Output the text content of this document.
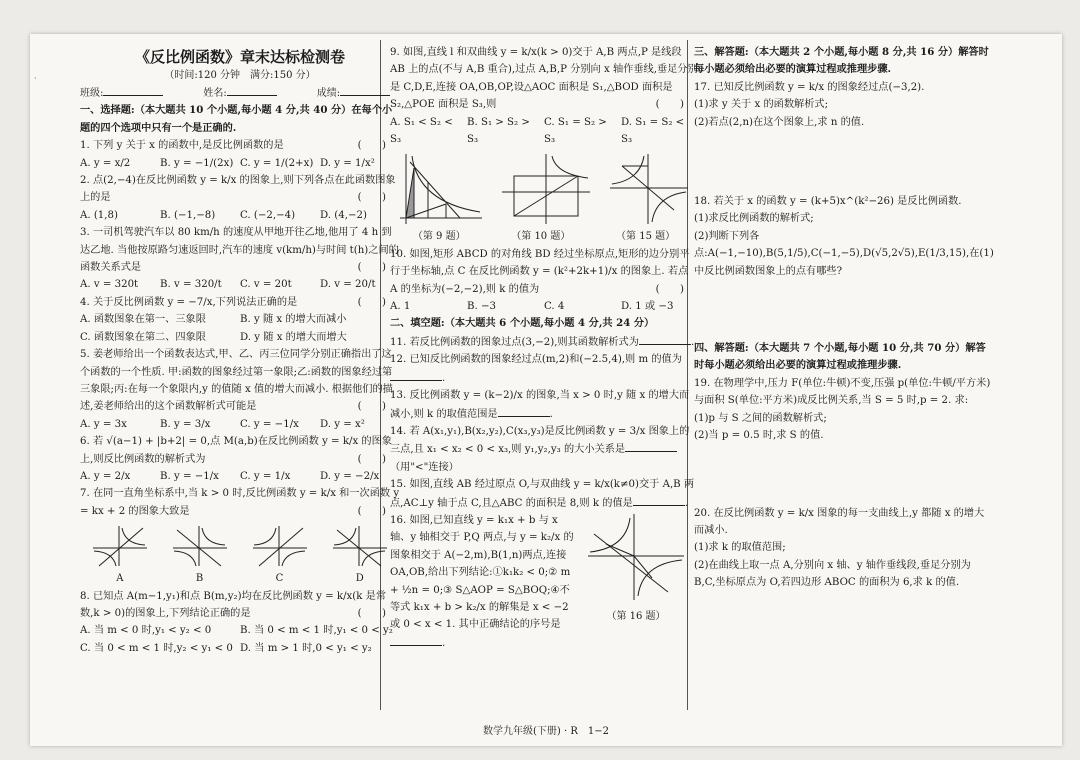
·
《反比例函数》章末达标检测卷
（时间:120 分钟　满分:150 分）
班级:	姓名:	成绩:

一、选择题:（本大题共 10 个小题,每小题 4 分,共 40 分）在每个小题的四个选项中只有一个是正确的.

1. 下列 y 关于 x 的函数中,是反比例函数的是	(　　)

A. y = x/2	B. y = −1/(2x) C. y = 1/(2+x) D. y = 1/x²

2. 点(2,−4)在反比例函数 y = k/x 的图象上,则下列各点在此函数图象上的是	(　　)

A. (1,8)	B. (−1,−8)	C. (−2,−4)	D. (4,−2)

3. 一司机驾驶汽车以 80 km/h 的速度从甲地开往乙地,他用了 4 h 到达乙地. 当他按原路匀速返回时,汽车的速度 v(km/h)与时间 t(h)之间的函数关系式是	(　　)

A. v = 320t	B. v = 320/t	C. v = 20t	D. v = 20/t

4. 关于反比例函数 y = −7/x,下列说法正确的是	(　　)

A. 函数图象在第一、三象限	B. y 随 x 的增大而减小
C. 函数图象在第二、四象限	D. y 随 x 的增大而增大

5. 姜老师给出一个函数表达式,甲、乙、丙三位同学分别正确指出了这个函数的一个性质. 甲:函数的图象经过第一象限;乙:函数的图象经过第三象限;丙:在每一个象限内,y 的值随 x 值的增大而减小. 根据他们的描述,姜老师给出的这个函数解析式可能是	(　　)

A. y = 3x	B. y = 3/x	C. y = −1/x	D. y = x²

6. 若 √(a−1) + |b+2| = 0,点 M(a,b)在反比例函数 y = k/x 的图象上,则反比例函数的解析式为	(　　)

A. y = 2/x	B. y = −1/x	C. y = 1/x	D. y = −2/x

7. 在同一直角坐标系中,当 k > 0 时,反比例函数 y = k/x 和一次函数 y = kx + 2 的图象大致是	(　　)

A	B	C	D

8. 已知点 A(m−1,y₁)和点 B(m,y₂)均在反比例函数 y = k/x(k 是常数,k > 0)的图象上,下列结论正确的是	(　　)

A. 当 m < 0 时,y₁ < y₂ < 0	B. 当 0 < m < 1 时,y₁ < 0 < y₂
C. 当 0 < m < 1 时,y₂ < y₁ < 0 D. 当 m > 1 时,0 < y₁ < y₂

9. 如图,直线 l 和双曲线 y = k/x(k > 0)交于 A,B 两点,P 是线段 AB 上的点(不与 A,B 重合),过点 A,B,P 分别向 x 轴作垂线,垂足分别是 C,D,E,连接 OA,OB,OP,设△AOC 面积是 S₁,△BOD 面积是 S₂,△POE 面积是 S₃,则	(　　)

A. S₁ < S₂ < S₃
B. S₁ > S₂ > S₃
C. S₁ = S₂ > S₃
D. S₁ = S₂ < S₃
（第 9 题）	（第 10 题）	（第 15 题）

10. 如图,矩形 ABCD 的对角线 BD 经过坐标原点,矩形的边分别平行于坐标轴,点 C 在反比例函数 y = (k²+2k+1)/x 的图象上. 若点 A 的坐标为(−2,−2),则 k 的值为	(　　)

A. 1	B. −3	C. 4	D. 1 或 −3

二、填空题:（本大题共 6 个小题,每小题 4 分,共 24 分）

11. 若反比例函数的图象过点(3,−2),则其函数解析式为	.

12. 已知反比例函数的图象经过点(m,2)和(−2.5,4),则 m 的值为.

13. 反比例函数 y = (k−2)/x 的图象,当 x > 0 时,y 随 x 的增大而减小,则 k 的取值范围是	.

14. 若 A(x₁,y₁),B(x₂,y₂),C(x₃,y₃)是反比例函数 y = 3/x 图象上的三点,且 x₁ < x₂ < 0 < x₃,则 y₁,y₂,y₃ 的大小关系是（用"<"连接）

15. 如图,直线 AB 经过原点 O,与双曲线 y = k/x(k≠0)交于 A,B 两点,AC⊥y 轴于点 C,且△ABC 的面积是 8,则 k 的值是	.

16. 如图,已知直线 y = k₁x + b 与 x 轴、y 轴相交于 P,Q 两点,与 y = k₂/x 的图象相交于 A(−2,m),B(1,n)两点,连接 OA,OB,给出下列结论:①k₁k₂ < 0;② m + ½n = 0;③ S△AOP = S△BOQ;④不等式 k₁x + b > k₂/x 的解集是 x < −2 或 0 < x < 1. 其中正确结论的序号是.

（第 16 题）

三、解答题:（本大题共 2 个小题,每小题 8 分,共 16 分）解答时每小题必须给出必要的演算过程或推理步骤.

17. 已知反比例函数 y = k/x 的图象经过点(−3,2).

(1)求 y 关于 x 的函数解析式;

(2)若点(2,n)在这个图象上,求 n 的值.

18. 若关于 x 的函数 y = (k+5)x^(k²−26) 是反比例函数.

(1)求反比例函数的解析式;

(2)判断下列各点:A(−1,−10),B(5,1/5),C(−1,−5),D(√5,2√5),E(1/3,15),在(1)中反比例函数图象上的点有哪些?

四、解答题:（本大题共 7 个小题,每小题 10 分,共 70 分）解答时每小题必须给出必要的演算过程或推理步骤.

19. 在物理学中,压力 F(单位:牛顿)不变,压强 p(单位:牛顿/平方米)与面积 S(单位:平方米)成反比例关系,当 S = 5 时,p = 2. 求:

(1)p 与 S 之间的函数解析式;

(2)当 p = 0.5 时,求 S 的值.

20. 在反比例函数 y = k/x 图象的每一支曲线上,y 都随 x 的增大而减小.

(1)求 k 的取值范围;

(2)在曲线上取一点 A,分别向 x 轴、y 轴作垂线段,垂足分别为 B,C,坐标原点为 O,若四边形 ABOC 的面积为 6,求 k 的值.

数学九年级(下册) · R　1−2
